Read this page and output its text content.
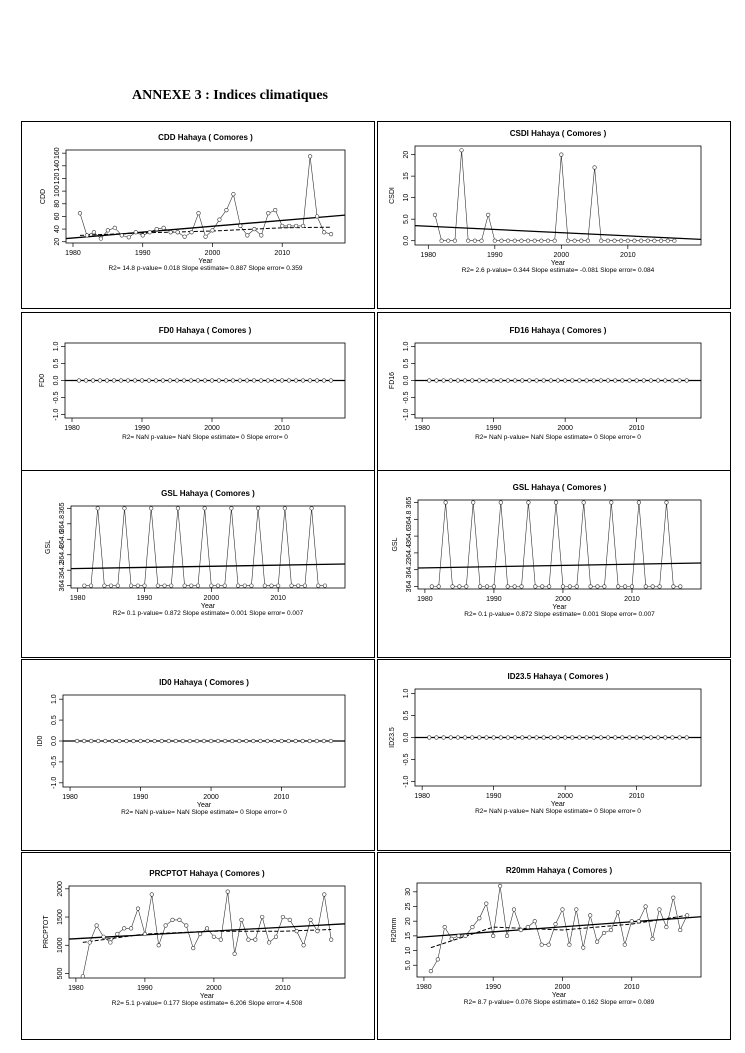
ANNEXE 3 : Indices climatiques
CDD Hahaya ( Comores )
1980	1990	2000	2010
20
40
60
80
100
120
140
160
CDD
Year
R2= 14.8 p-value= 0.018 Slope estimate= 0.887 Slope error= 0.359
CSDI Hahaya ( Comores )
1980	1990	2000	2010
0.0
5.0
10
15
20
CSDI
Year
R2= 2.6 p-value= 0.344 Slope estimate= -0.081 Slope error= 0.084
FD0 Hahaya ( Comores )
1980	1990	2000	2010
-1.0
-0.5
0.0
0.5
1.0
FD0
R2= NaN p-value= NaN Slope estimate= 0 Slope error= 0
FD16 Hahaya ( Comores )
1980	1990	2000	2010
-1.0
-0.5
0.0
0.5
1.0
FD16
R2= NaN p-value= NaN Slope estimate= 0 Slope error= 0
GSL Hahaya ( Comores )
1980	1990	2000	2010
364
364.2
364.4
364.6
364.8
365
GSL
Year
R2= 0.1 p-value= 0.872 Slope estimate= 0.001 Slope error= 0.007
GSL Hahaya ( Comores )
1980	1990	2000	2010
364
364.2
364.4
364.6
364.8
365
GSL
Year
R2= 0.1 p-value= 0.872 Slope estimate= 0.001 Slope error= 0.007
ID0 Hahaya ( Comores )
1980	1990	2000	2010
-1.0
-0.5
0.0
0.5
1.0
ID0
Year
R2= NaN p-value= NaN Slope estimate= 0 Slope error= 0
ID23.5 Hahaya ( Comores )
1980	1990	2000	2010
-1.0
-0.5
0.0
0.5
1.0
ID23.5
Year
R2= NaN p-value= NaN Slope estimate= 0 Slope error= 0
PRCPTOT Hahaya ( Comores )
1980	1990	2000	2010
500
1000
1500
2000
PRCPTOT
Year
R2= 5.1 p-value= 0.177 Slope estimate= 6.206 Slope error= 4.508
R20mm Hahaya ( Comores )
1980	1990	2000	2010
5.0
10
15
20
25
30
R20mm
Year
R2= 8.7 p-value= 0.076 Slope estimate= 0.162 Slope error= 0.089
